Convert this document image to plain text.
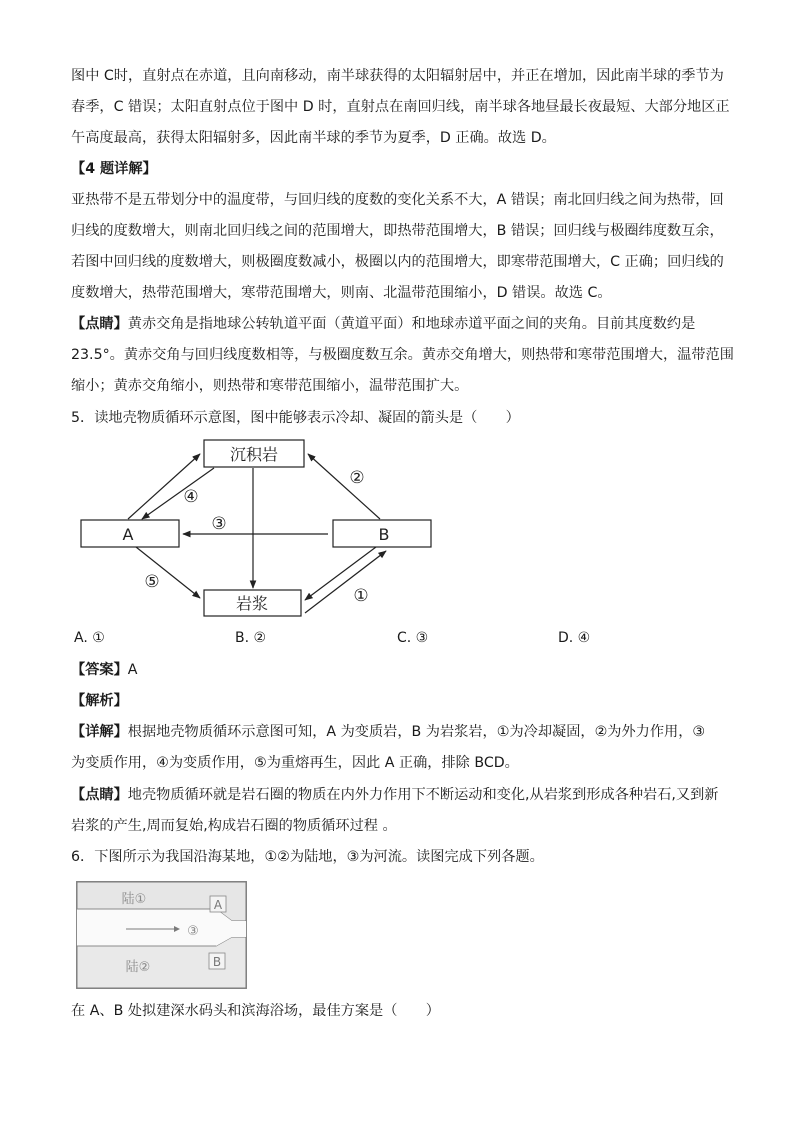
图中 C时，直射点在赤道，且向南移动，南半球获得的太阳辐射居中，并正在增加，因此南半球的季节为
春季，C 错误；太阳直射点位于图中 D 时，直射点在南回归线，南半球各地昼最长夜最短、大部分地区正
午高度最高，获得太阳辐射多，因此南半球的季节为夏季，D 正确。故选 D。
【4 题详解】
亚热带不是五带划分中的温度带，与回归线的度数的变化关系不大，A 错误；南北回归线之间为热带，回
归线的度数增大，则南北回归线之间的范围增大，即热带范围增大，B 错误；回归线与极圈纬度数互余，
若图中回归线的度数增大，则极圈度数减小，极圈以内的范围增大，即寒带范围增大，C 正确；回归线的
度数增大，热带范围增大，寒带范围增大，则南、北温带范围缩小，D 错误。故选 C。
【点睛】黄赤交角是指地球公转轨道平面（黄道平面）和地球赤道平面之间的夹角。目前其度数约是
23.5°。黄赤交角与回归线度数相等，与极圈度数互余。黄赤交角增大，则热带和寒带范围增大，温带范围
缩小；黄赤交角缩小，则热带和寒带范围缩小，温带范围扩大。
5．读地壳物质循环示意图，图中能够表示冷却、凝固的箭头是（　　）
沉积岩
A	B
岩浆
②
④
③
⑤
①
A. ①	B. ②	C. ③	D. ④
【答案】A
【解析】
【详解】根据地壳物质循环示意图可知，A 为变质岩，B 为岩浆岩，①为冷却凝固，②为外力作用，③
为变质作用，④为变质作用，⑤为重熔再生，因此 A 正确，排除 BCD。
【点睛】地壳物质循环就是岩石圈的物质在内外力作用下不断运动和变化,从岩浆到形成各种岩石,又到新
岩浆的产生,周而复始,构成岩石圈的物质循环过程 。
6．下图所示为我国沿海某地，①②为陆地，③为河流。读图完成下列各题。
陆①
③
陆②
A
B
在 A、B 处拟建深水码头和滨海浴场，最佳方案是（　　）
